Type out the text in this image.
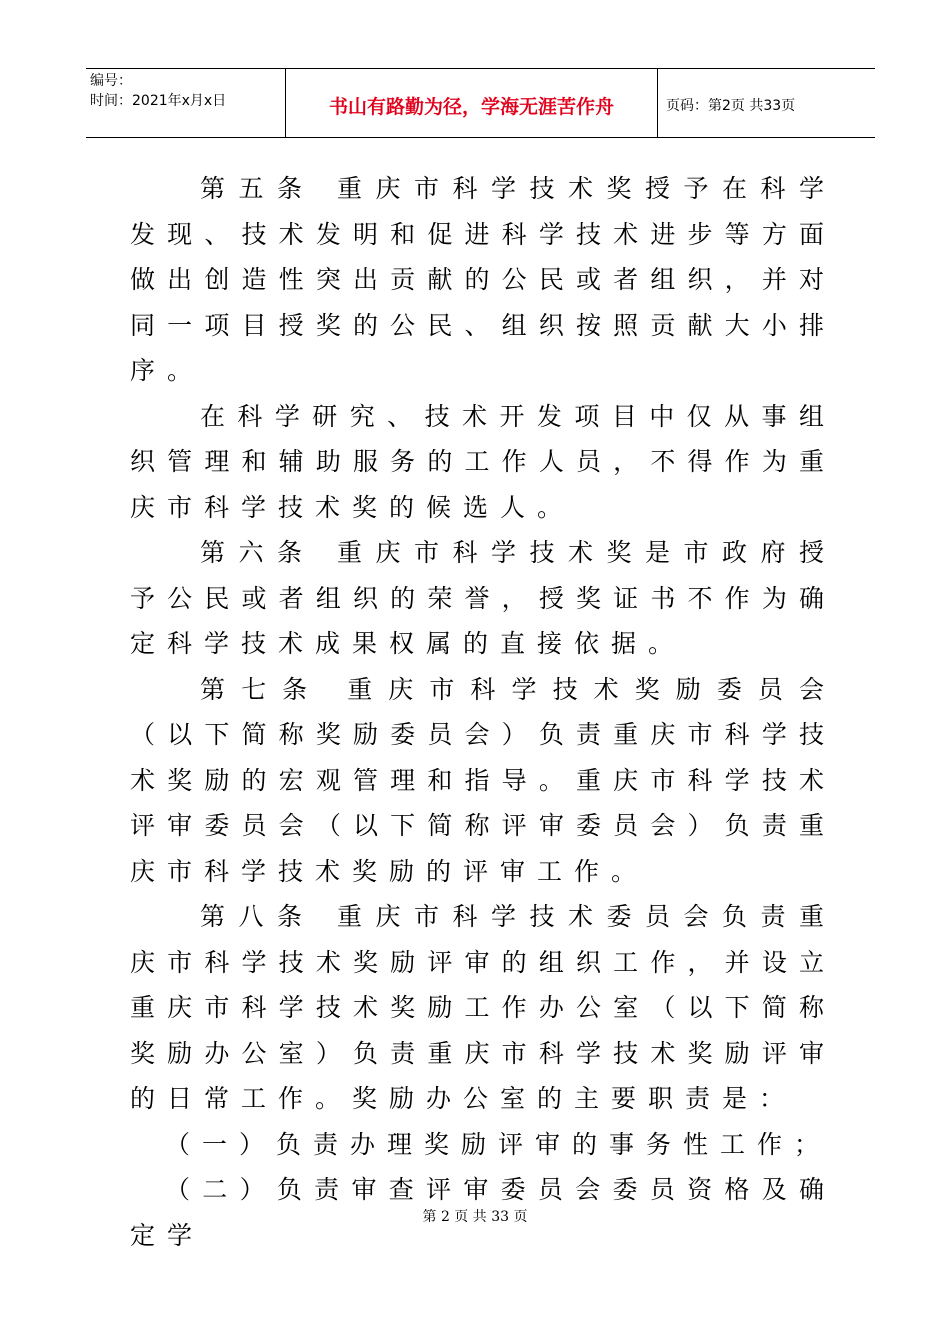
编号：
时间：2021年x月x日	书山有路勤为径，学海无涯苦作舟	页码：第2页 共33页

第五条 重庆市科学技术奖授予在科学发现、技术发明和促进科学技术进步等方面做出创造性突出贡献的公民或者组织，并对同一项目授奖的公民、组织按照贡献大小排序。

在科学研究、技术开发项目中仅从事组织管理和辅助服务的工作人员，不得作为重庆市科学技术奖的候选人。

第六条 重庆市科学技术奖是市政府授予公民或者组织的荣誉，授奖证书不作为确定科学技术成果权属的直接依据。

第七条 重庆市科学技术奖励委员会（以下简称奖励委员会）负责重庆市科学技术奖励的宏观管理和指导。重庆市科学技术评审委员会（以下简称评审委员会）负责重庆市科学技术奖励的评审工作。

第八条 重庆市科学技术委员会负责重庆市科学技术奖励评审的组织工作，并设立重庆市科学技术奖励工作办公室（以下简称奖励办公室）负责重庆市科学技术奖励评审的日常工作。奖励办公室的主要职责是：

（一）负责办理奖励评审的事务性工作；

（二）负责审查评审委员会委员资格及确定学

第 2 页 共 33 页
